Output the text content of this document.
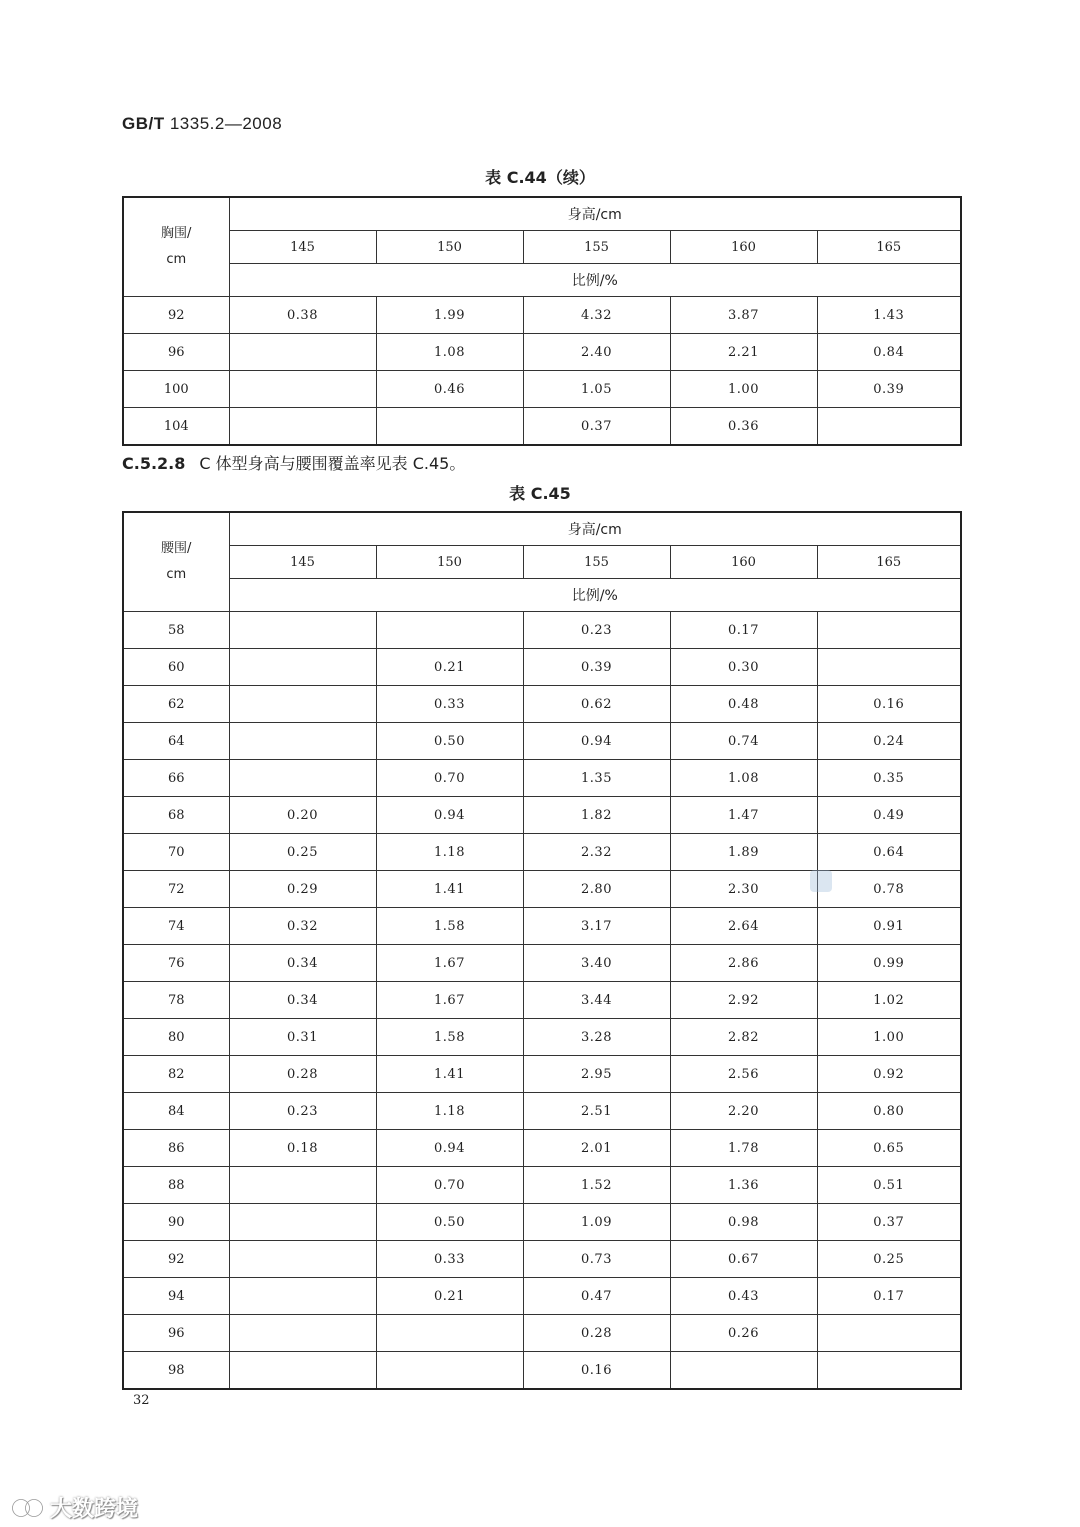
GB/T 1335.2—2008
表 C.44（续）
胸围/
cm	身高/cm				
	145	150	155	160	165
	比例/%				
92	0.38	1.99	4.32	3.87	1.43
96		1.08	2.40	2.21	0.84
100		0.46	1.05	1.00	0.39
104			0.37	0.36	
C.5.2.8 C 体型身高与腰围覆盖率见表 C.45。
表 C.45
腰围/
cm	身高/cm				
	145	150	155	160	165
	比例/%				
58			0.23	0.17	
60		0.21	0.39	0.30	
62		0.33	0.62	0.48	0.16
64		0.50	0.94	0.74	0.24
66		0.70	1.35	1.08	0.35
68	0.20	0.94	1.82	1.47	0.49
70	0.25	1.18	2.32	1.89	0.64
72	0.29	1.41	2.80	2.30	0.78
74	0.32	1.58	3.17	2.64	0.91
76	0.34	1.67	3.40	2.86	0.99
78	0.34	1.67	3.44	2.92	1.02
80	0.31	1.58	3.28	2.82	1.00
82	0.28	1.41	2.95	2.56	0.92
84	0.23	1.18	2.51	2.20	0.80
86	0.18	0.94	2.01	1.78	0.65
88		0.70	1.52	1.36	0.51
90		0.50	1.09	0.98	0.37
92		0.33	0.73	0.67	0.25
94		0.21	0.47	0.43	0.17
96			0.28	0.26	
98			0.16		
32
大数跨境
